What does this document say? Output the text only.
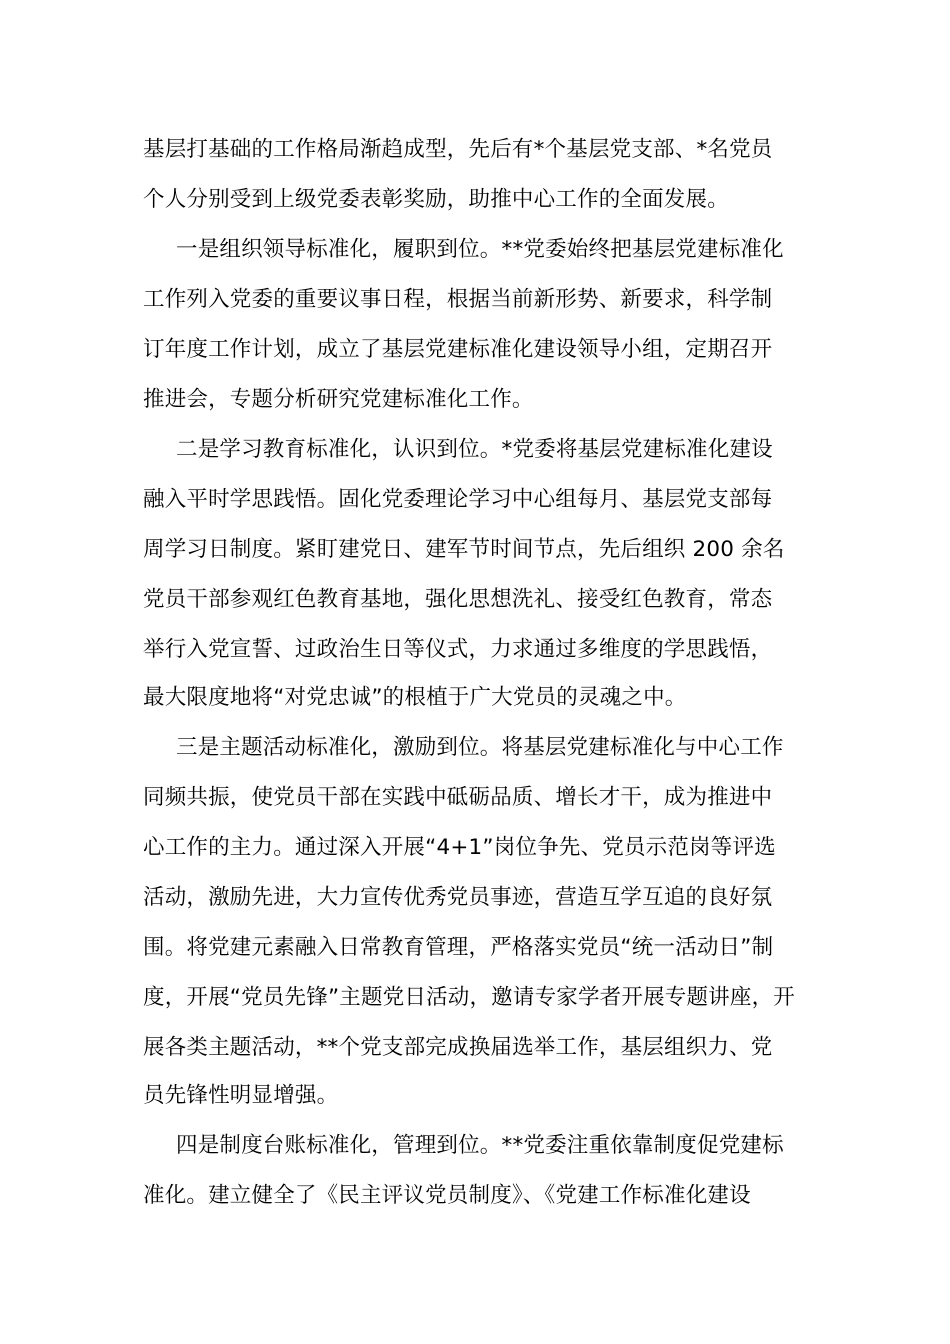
基层打基础的工作格局渐趋成型，先后有*个基层党支部、*名党员
个人分别受到上级党委表彰奖励，助推中心工作的全面发展。
一是组织领导标准化，履职到位。**党委始终把基层党建标准化
工作列入党委的重要议事日程，根据当前新形势、新要求，科学制
订年度工作计划，成立了基层党建标准化建设领导小组，定期召开
推进会，专题分析研究党建标准化工作。
二是学习教育标准化，认识到位。*党委将基层党建标准化建设
融入平时学思践悟。固化党委理论学习中心组每月、基层党支部每
周学习日制度。紧盯建党日、建军节时间节点，先后组织 200 余名
党员干部参观红色教育基地，强化思想洗礼、接受红色教育，常态
举行入党宣誓、过政治生日等仪式，力求通过多维度的学思践悟，
最大限度地将“对党忠诚”的根植于广大党员的灵魂之中。
三是主题活动标准化，激励到位。将基层党建标准化与中心工作
同频共振，使党员干部在实践中砥砺品质、增长才干，成为推进中
心工作的主力。通过深入开展“4+1”岗位争先、党员示范岗等评选
活动，激励先进，大力宣传优秀党员事迹，营造互学互追的良好氛
围。将党建元素融入日常教育管理，严格落实党员“统一活动日”制
度，开展“党员先锋”主题党日活动，邀请专家学者开展专题讲座，开
展各类主题活动，**个党支部完成换届选举工作，基层组织力、党
员先锋性明显增强。
四是制度台账标准化，管理到位。**党委注重依靠制度促党建标
准化。建立健全了《民主评议党员制度》、《党建工作标准化建设
